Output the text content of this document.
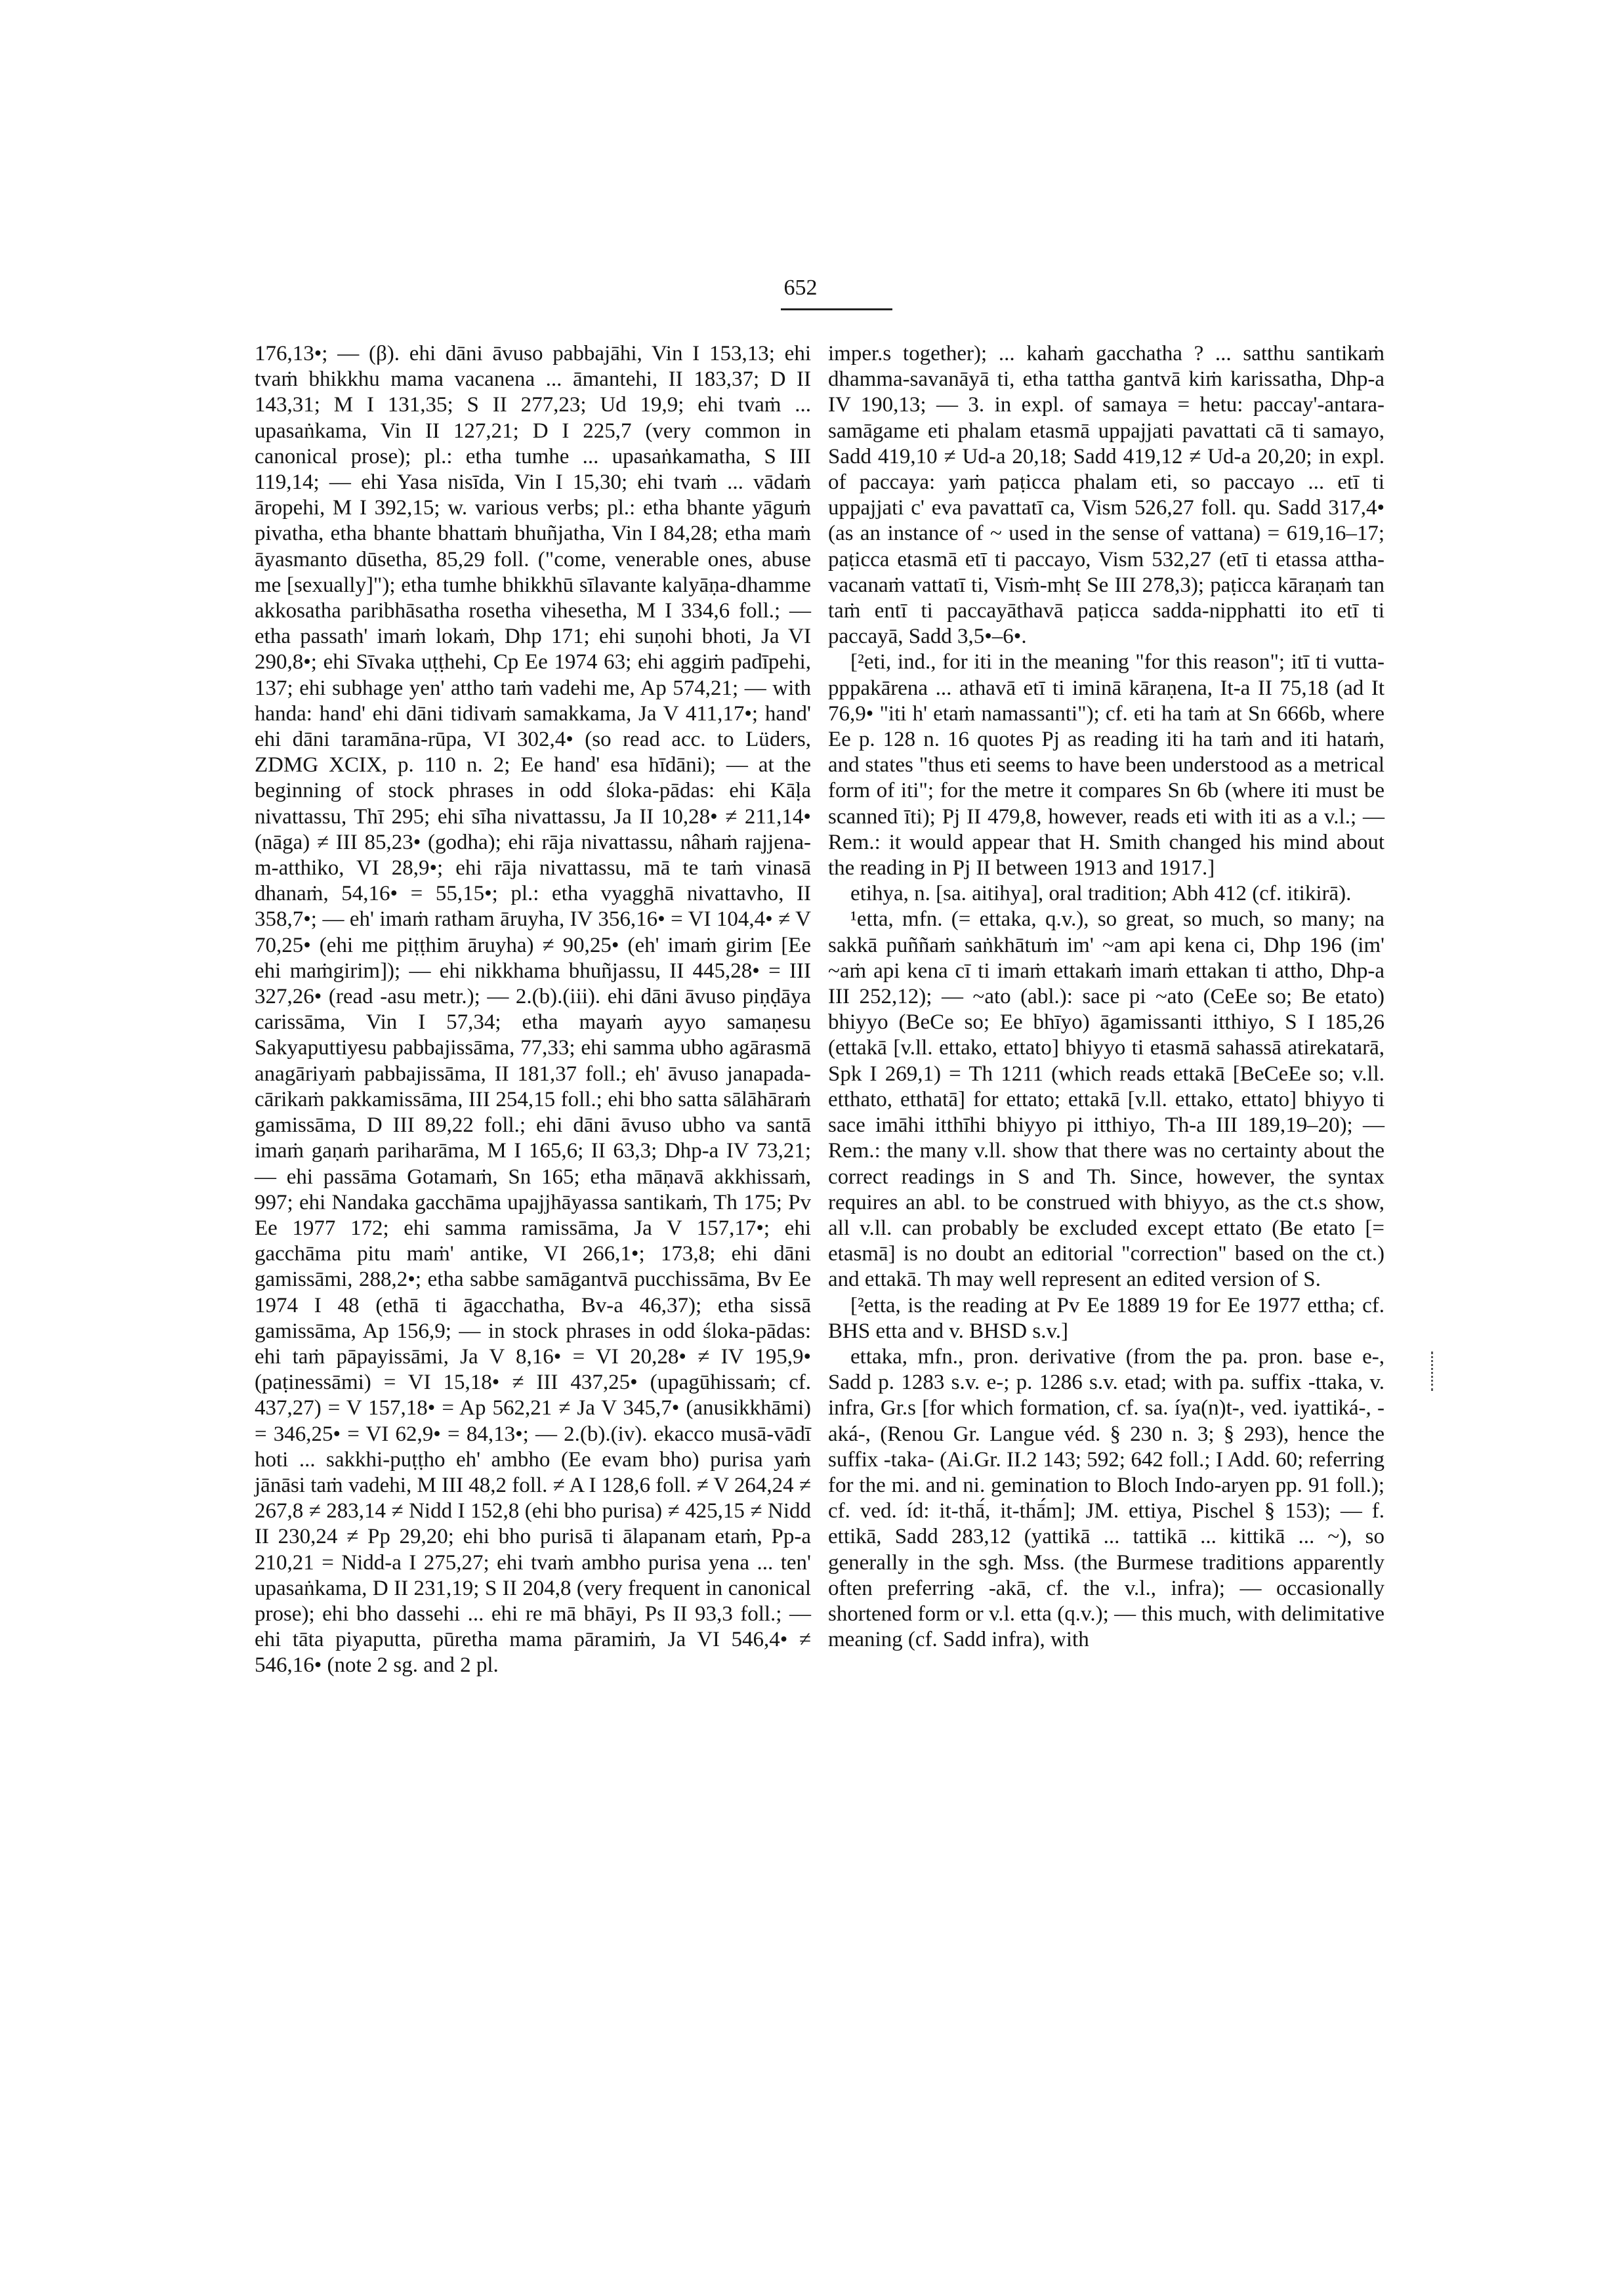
652

176,13•; — (β). ehi dāni āvuso pabbajāhi, Vin I 153,13; ehi tvaṁ bhikkhu mama vacanena ... āmantehi, II 183,37; D II 143,31; M I 131,35; S II 277,23; Ud 19,9; ehi tvaṁ ... upasaṅkama, Vin II 127,21; D I 225,7 (very common in canonical prose); pl.: etha tumhe ... upasaṅkamatha, S III 119,14; — ehi Yasa nisīda, Vin I 15,30; ehi tvaṁ ... vādaṁ āropehi, M I 392,15; w. various verbs; pl.: etha bhante yāguṁ pivatha, etha bhante bhattaṁ bhuñjatha, Vin I 84,28; etha maṁ āyasmanto dūsetha, 85,29 foll. ("come, venerable ones, abuse me [sexually]"); etha tumhe bhikkhū sīlavante kalyāṇa-dhamme akkosatha paribhāsatha rosetha vihesetha, M I 334,6 foll.; — etha passath' imaṁ lokaṁ, Dhp 171; ehi suṇohi bhoti, Ja VI 290,8•; ehi Sīvaka uṭṭhehi, Cp Ee 1974 63; ehi aggiṁ padīpehi, 137; ehi subhage yen' attho taṁ vadehi me, Ap 574,21; — with handa: hand' ehi dāni tidivaṁ samakkama, Ja V 411,17•; hand' ehi dāni taramāna-rūpa, VI 302,4• (so read acc. to Lüders, ZDMG XCIX, p. 110 n. 2; Ee hand' esa hīdāni); — at the beginning of stock phrases in odd śloka-pādas: ehi Kāḷa nivattassu, Thī 295; ehi sīha nivattassu, Ja II 10,28• ≠ 211,14• (nāga) ≠ III 85,23• (godha); ehi rāja nivattassu, nâhaṁ rajjena-m-atthiko, VI 28,9•; ehi rāja nivattassu, mā te taṁ vinasā dhanaṁ, 54,16• = 55,15•; pl.: etha vyagghā nivattavho, II 358,7•; — eh' imaṁ ratham āruyha, IV 356,16• = VI 104,4• ≠ V 70,25• (ehi me piṭṭhim āruyha) ≠ 90,25• (eh' imaṁ girim [Ee ehi maṁgirim]); — ehi nikkhama bhuñjassu, II 445,28• = III 327,26• (read -asu metr.); — 2.(b).(iii). ehi dāni āvuso piṇḍāya carissāma, Vin I 57,34; etha mayaṁ ayyo samaṇesu Sakyaputtiyesu pabbajissāma, 77,33; ehi samma ubho agārasmā anagāriyaṁ pabbajissāma, II 181,37 foll.; eh' āvuso janapada-cārikaṁ pakkamissāma, III 254,15 foll.; ehi bho satta sālāhāraṁ gamissāma, D III 89,22 foll.; ehi dāni āvuso ubho va santā imaṁ gaṇaṁ pariharāma, M I 165,6; II 63,3; Dhp-a IV 73,21; — ehi passāma Gotamaṁ, Sn 165; etha māṇavā akkhissaṁ, 997; ehi Nandaka gacchāma upajjhāyassa santikaṁ, Th 175; Pv Ee 1977 172; ehi samma ramissāma, Ja V 157,17•; ehi gacchāma pitu maṁ' antike, VI 266,1•; 173,8; ehi dāni gamissāmi, 288,2•; etha sabbe samāgantvā pucchissāma, Bv Ee 1974 I 48 (ethā ti āgacchatha, Bv-a 46,37); etha sissā gamissāma, Ap 156,9; — in stock phrases in odd śloka-pādas: ehi taṁ pāpayissāmi, Ja V 8,16• = VI 20,28• ≠ IV 195,9• (paṭinessāmi) = VI 15,18• ≠ III 437,25• (upagūhissaṁ; cf. 437,27) = V 157,18• = Ap 562,21 ≠ Ja V 345,7• (anusikkhāmi) = 346,25• = VI 62,9• = 84,13•; — 2.(b).(iv). ekacco musā-vādī hoti ... sakkhi-puṭṭho eh' ambho (Ee evam bho) purisa yaṁ jānāsi taṁ vadehi, M III 48,2 foll. ≠ A I 128,6 foll. ≠ V 264,24 ≠ 267,8 ≠ 283,14 ≠ Nidd I 152,8 (ehi bho purisa) ≠ 425,15 ≠ Nidd II 230,24 ≠ Pp 29,20; ehi bho purisā ti ālapanam etaṁ, Pp-a 210,21 = Nidd-a I 275,27; ehi tvaṁ ambho purisa yena ... ten' upasaṅkama, D II 231,19; S II 204,8 (very frequent in canonical prose); ehi bho dassehi ... ehi re mā bhāyi, Ps II 93,3 foll.; — ehi tāta piyaputta, pūretha mama pāramiṁ, Ja VI 546,4• ≠ 546,16• (note 2 sg. and 2 pl.

imper.s together); ... kahaṁ gacchatha ? ... satthu santikaṁ dhamma-savanāyā ti, etha tattha gantvā kiṁ karissatha, Dhp-a IV 190,13; — 3. in expl. of samaya = hetu: paccay'-antara-samāgame eti phalam etasmā uppajjati pavattati cā ti samayo, Sadd 419,10 ≠ Ud-a 20,18; Sadd 419,12 ≠ Ud-a 20,20; in expl. of paccaya: yaṁ paṭicca phalam eti, so paccayo ... etī ti uppajjati c' eva pavattatī ca, Vism 526,27 foll. qu. Sadd 317,4• (as an instance of ~ used in the sense of vattana) = 619,16–17; paṭicca etasmā etī ti paccayo, Vism 532,27 (etī ti etassa attha-vacanaṁ vattatī ti, Visṁ-mhṭ Se III 278,3); paṭicca kāraṇaṁ tan taṁ entī ti paccayāthavā paṭicca sadda-nipphatti ito etī ti paccayā, Sadd 3,5•–6•.

[²eti, ind., for iti in the meaning "for this reason"; itī ti vutta-pppakārena ... athavā etī ti iminā kāraṇena, It-a II 75,18 (ad It 76,9• "iti h' etaṁ namassanti"); cf. eti ha taṁ at Sn 666b, where Ee p. 128 n. 16 quotes Pj as reading iti ha taṁ and iti hataṁ, and states "thus eti seems to have been understood as a metrical form of iti"; for the metre it compares Sn 6b (where iti must be scanned īti); Pj II 479,8, however, reads eti with iti as a v.l.; — Rem.: it would appear that H. Smith changed his mind about the reading in Pj II between 1913 and 1917.]

etihya, n. [sa. aitihya], oral tradition; Abh 412 (cf. itikirā).

¹etta, mfn. (= ettaka, q.v.), so great, so much, so many; na sakkā puññaṁ saṅkhātuṁ im' ~am api kena ci, Dhp 196 (im' ~aṁ api kena cī ti imaṁ ettakaṁ imaṁ ettakan ti attho, Dhp-a III 252,12); — ~ato (abl.): sace pi ~ato (CeEe so; Be etato) bhiyyo (BeCe so; Ee bhīyo) āgamissanti itthiyo, S I 185,26 (ettakā [v.ll. ettako, ettato] bhiyyo ti etasmā sahassā atirekatarā, Spk I 269,1) = Th 1211 (which reads ettakā [BeCeEe so; v.ll. etthato, etthatā] for ettato; ettakā [v.ll. ettako, ettato] bhiyyo ti sace imāhi itthīhi bhiyyo pi itthiyo, Th-a III 189,19–20); — Rem.: the many v.ll. show that there was no certainty about the correct readings in S and Th. Since, however, the syntax requires an abl. to be construed with bhiyyo, as the ct.s show, all v.ll. can probably be excluded except ettato (Be etato [= etasmā] is no doubt an editorial "correction" based on the ct.) and ettakā. Th may well represent an edited version of S.

[²etta, is the reading at Pv Ee 1889 19 for Ee 1977 ettha; cf. BHS etta and v. BHSD s.v.]

ettaka, mfn., pron. derivative (from the pa. pron. base e-, Sadd p. 1283 s.v. e-; p. 1286 s.v. etad; with pa. suffix -ttaka, v. infra, Gr.s [for which formation, cf. sa. íya(n)t-, ved. iyattiká-, -aká-, (Renou Gr. Langue véd. § 230 n. 3; § 293), hence the suffix -taka- (Ai.Gr. II.2 143; 592; 642 foll.; I Add. 60; referring for the mi. and ni. gemination to Bloch Indo-aryen pp. 91 foll.); cf. ved. íd: it-thā́, it-thā́m]; JM. ettiya, Pischel § 153); — f. ettikā, Sadd 283,12 (yattikā ... tattikā ... kittikā ... ~), so generally in the sgh. Mss. (the Burmese traditions apparently often preferring -akā, cf. the v.l., infra); — occasionally shortened form or v.l. etta (q.v.); — this much, with delimitative meaning (cf. Sadd infra), with
